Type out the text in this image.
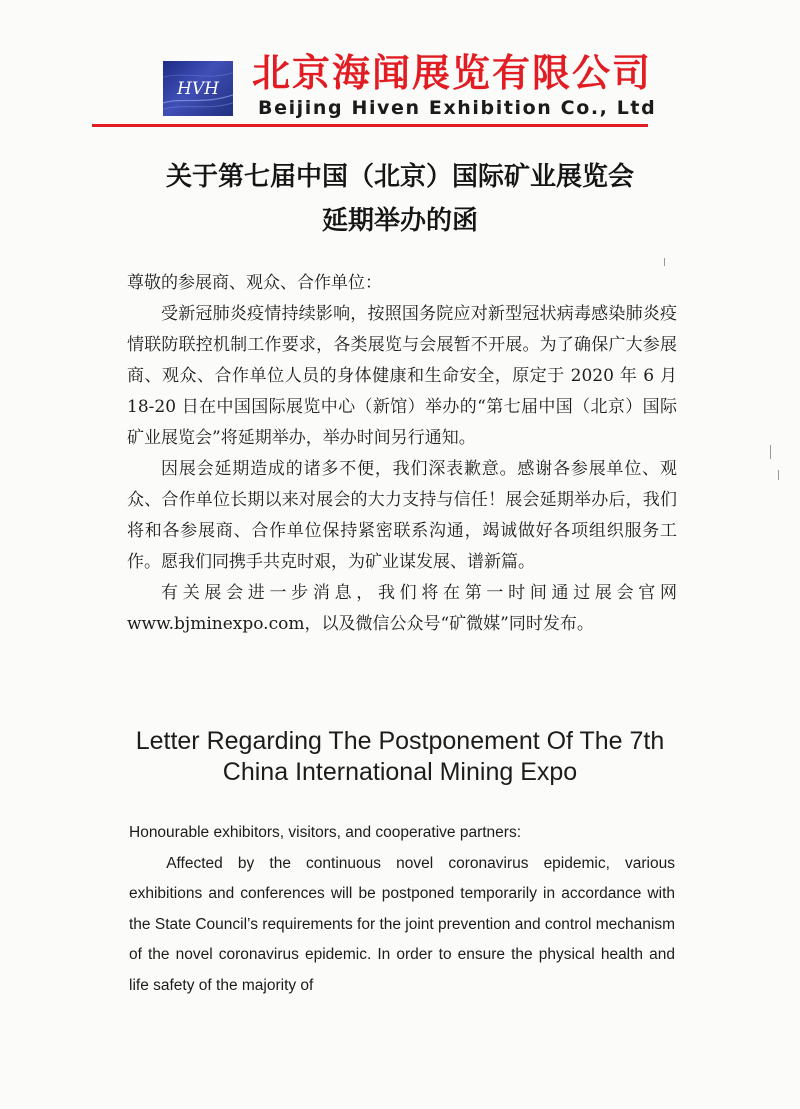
HVH 北京海闻展览有限公司
Beijing Hiven Exhibition Co., Ltd
关于第七届中国（北京）国际矿业展览会
延期举办的函

尊敬的参展商、观众、合作单位：

受新冠肺炎疫情持续影响，按照国务院应对新型冠状病毒感染肺炎疫情联防联控机制工作要求，各类展览与会展暂不开展。为了确保广大参展商、观众、合作单位人员的身体健康和生命安全，原定于 2020 年 6 月 18-20 日在中国国际展览中心（新馆）举办的“第七届中国（北京）国际矿业展览会”将延期举办，举办时间另行通知。

因展会延期造成的诸多不便，我们深表歉意。感谢各参展单位、观众、合作单位长期以来对展会的大力支持与信任！展会延期举办后，我们将和各参展商、合作单位保持紧密联系沟通，竭诚做好各项组织服务工作。愿我们同携手共克时艰，为矿业谋发展、谱新篇。

有关展会进一步消息，我们将在第一时间通过展会官网www.bjminexpo.com，以及微信公众号“矿微媒”同时发布。

Letter Regarding The Postponement Of The 7th
China International Mining Expo

Honourable exhibitors, visitors, and cooperative partners:

Affected by the continuous novel coronavirus epidemic, various exhibitions and conferences will be postponed temporarily in accordance with the State Council’s requirements for the joint prevention and control mechanism of the novel coronavirus epidemic. In order to ensure the physical health and life safety of the majority of
